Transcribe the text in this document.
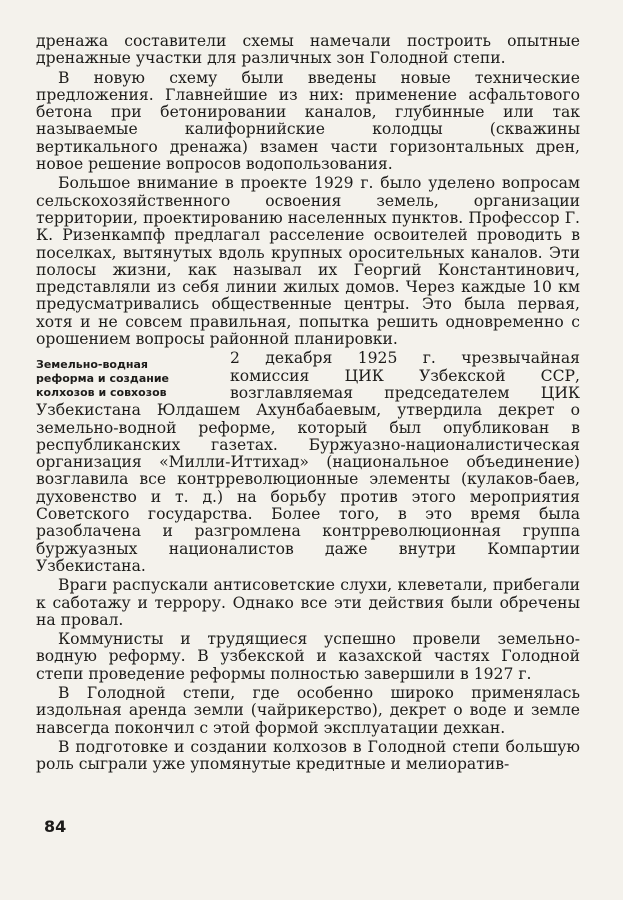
дренажа составители схемы намечали построить опытные дренажные участки для различных зон Голодной степи.

В новую схему были введены новые технические предложения. Главнейшие из них: применение асфальтового бетона при бетонировании каналов, глубинные или так называемые калифорнийские колодцы (скважины вертикального дренажа) взамен части горизонтальных дрен, новое решение вопросов водопользования.

Большое внимание в проекте 1929 г. было уделено вопросам сельскохозяйственного освоения земель, организации территории, проектированию населенных пунктов. Профессор Г. К. Ризенкампф предлагал расселение освоителей проводить в поселках, вытянутых вдоль крупных оросительных каналов. Эти полосы жизни, как называл их Георгий Константинович, представляли из себя линии жилых домов. Через каждые 10 км предусматривались общественные центры. Это была первая, хотя и не совсем правильная, попытка решить одновременно с орошением вопросы районной планировки.

Земельно-водная
реформа и создание
колхозов и совхозов

2 декабря 1925 г. чрезвычайная комиссия ЦИК Узбекской ССР, возглавляемая председателем ЦИК Узбекистана Юлдашем Ахунбабаевым, утвердила декрет о земельно-водной реформе, который был опубликован в республиканских газетах. Буржуазно-националистическая организация «Милли-Иттихад» (национальное объединение) возглавила все контрреволюционные элементы (кулаков-баев, духовенство и т. д.) на борьбу против этого мероприятия Советского государства. Более того, в это время была разоблачена и разгромлена контрреволюционная группа буржуазных националистов даже внутри Компартии Узбекистана.

Враги распускали антисоветские слухи, клеветали, прибегали к саботажу и террору. Однако все эти действия были обречены на провал.

Коммунисты и трудящиеся успешно провели земельно-водную реформу. В узбекской и казахской частях Голодной степи проведение реформы полностью завершили в 1927 г.

В Голодной степи, где особенно широко применялась издольная аренда земли (чайрикерство), декрет о воде и земле навсегда покончил с этой формой эксплуатации дехкан.

В подготовке и создании колхозов в Голодной степи большую роль сыграли уже упомянутые кредитные и мелиоратив-

84
